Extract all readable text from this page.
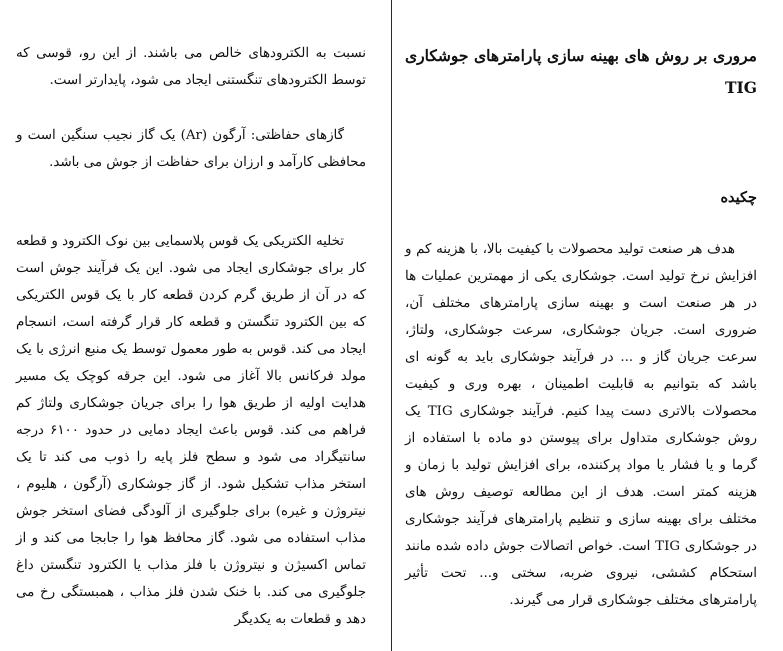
مروری بر روش های بهینه سازی پارامترهای جوشکاری TIG
چکیده

هدف هر صنعت تولید محصولات با کیفیت بالا، با هزینه کم و افزایش نرخ تولید است. جوشکاری یکی از مهمترین عملیات ها در هر صنعت است و بهینه سازی پارامترهای مختلف آن، ضروری است. جریان جوشکاری، سرعت جوشکاری، ولتاژ، سرعت جریان گاز و ... در فرآیند جوشکاری باید به گونه ای باشد که بتوانیم به قابلیت اطمینان ، بهره وری و کیفیت محصولات بالاتری دست پیدا کنیم. فرآیند جوشکاری TIG یک روش جوشکاری متداول برای پیوستن دو ماده با استفاده از گرما و یا فشار یا مواد پرکننده، برای افزایش تولید با زمان و هزینه کمتر است. هدف از این مطالعه توصیف روش های مختلف برای بهینه سازی و تنظیم پارامترهای فرآیند جوشکاری در جوشکاری TIG است. خواص اتصالات جوش داده شده مانند استحکام کششی، نیروی ضربه، سختی و... تحت تأثیر پارامترهای مختلف جوشکاری قرار می گیرند.

نسبت به الکترودهای خالص می باشند. از این رو، قوسی که توسط الکترودهای تنگستنی ایجاد می شود، پایدارتر است.

گازهای حفاظتی: آرگون (Ar) یک گاز نجیب سنگین است و محافظی کارآمد و ارزان برای حفاظت از جوش می باشد.

تخلیه الکتریکی یک قوس پلاسمایی بین نوک الکترود و قطعه کار برای جوشکاری ایجاد می شود. این یک فرآیند جوش است که در آن از طریق گرم کردن قطعه کار با یک قوس الکتریکی که بین الکترود تنگستن و قطعه کار قرار گرفته است، انسجام ایجاد می کند. قوس به طور معمول توسط یک منبع انرژی با یک مولد فرکانس بالا آغاز می شود. این جرقه کوچک یک مسیر هدایت اولیه از طریق هوا را برای جریان جوشکاری ولتاژ کم فراهم می کند. قوس باعث ایجاد دمایی در حدود ۶۱۰۰ درجه سانتیگراد می شود و سطح فلز پایه را ذوب می کند تا یک استخر مذاب تشکیل شود. از گاز جوشکاری (آرگون ، هلیوم ، نیتروژن و غیره) برای جلوگیری از آلودگی فضای استخر جوش مذاب استفاده می شود. گاز محافظ هوا را جابجا می کند و از تماس اکسیژن و نیتروژن با فلز مذاب یا الکترود تنگستن داغ جلوگیری می کند. با خنک شدن فلز مذاب ، همبستگی رخ می دهد و قطعات به یکدیگر
